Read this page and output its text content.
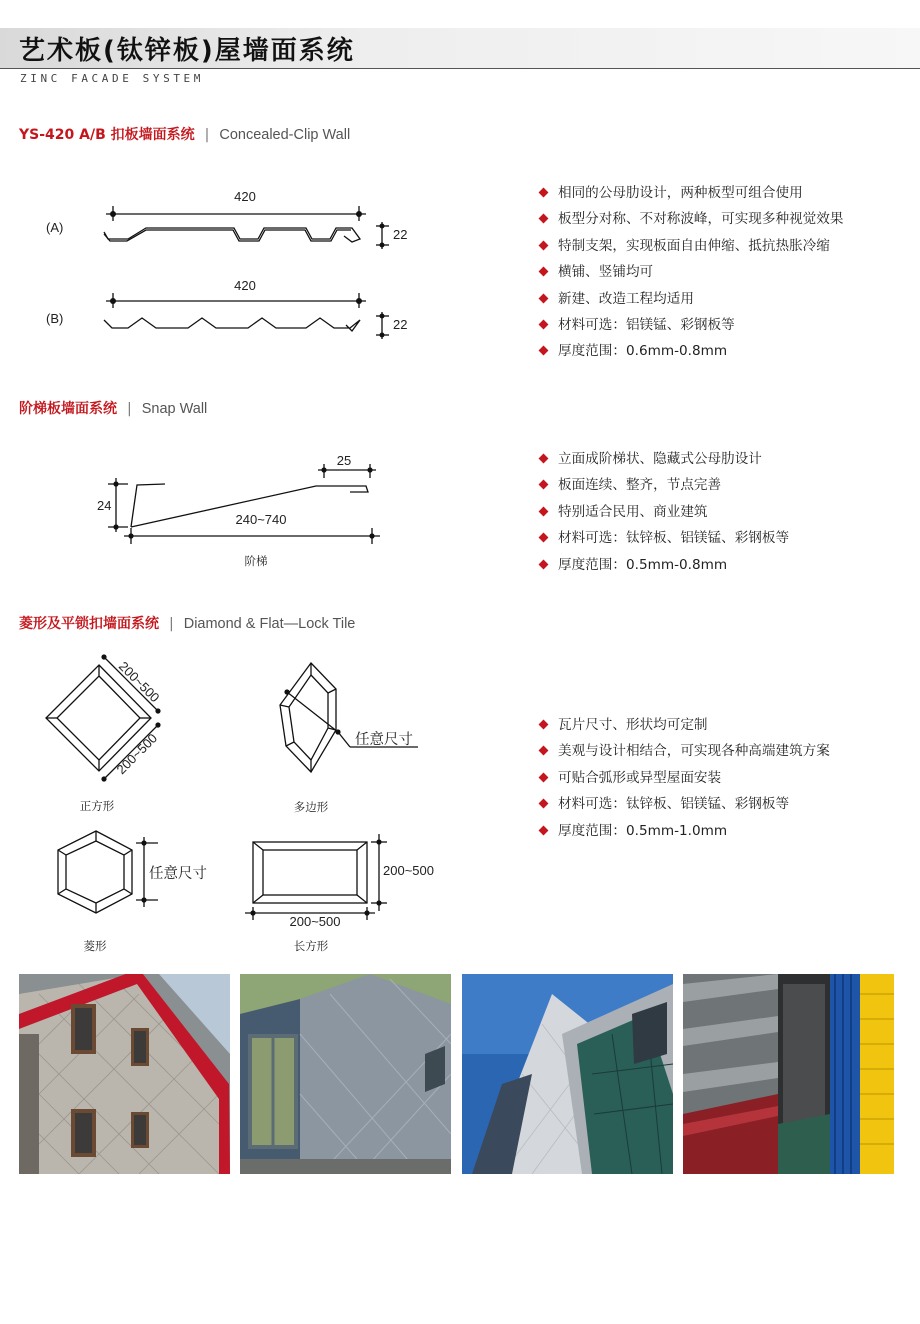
艺术板(钛锌板)屋墙面系统
ZINC FACADE SYSTEM
YS-420 A/B 扣板墙面系统 | Concealed-Clip Wall
(A)
(B)
420
420
22
22
相同的公母肋设计，两种板型可组合使用
板型分对称、不对称波峰，可实现多种视觉效果
特制支架，实现板面自由伸缩、抵抗热胀冷缩
横铺、竖铺均可
新建、改造工程均适用
材料可选：铝镁锰、彩钢板等
厚度范围：0.6mm-0.8mm
阶梯板墙面系统 | Snap Wall
25
24
240~740
阶梯
立面成阶梯状、隐藏式公母肋设计
板面连续、整齐，节点完善
特别适合民用、商业建筑
材料可选：钛锌板、铝镁锰、彩钢板等
厚度范围：0.5mm-0.8mm
菱形及平锁扣墙面系统 | Diamond & Flat—Lock Tile
200~500
200~500
正方形
任意尺寸
多边形
任意尺寸
菱形
200~500
200~500
长方形
瓦片尺寸、形状均可定制
美观与设计相结合，可实现各种高端建筑方案
可贴合弧形或异型屋面安装
材料可选：钛锌板、铝镁锰、彩钢板等
厚度范围：0.5mm-1.0mm
